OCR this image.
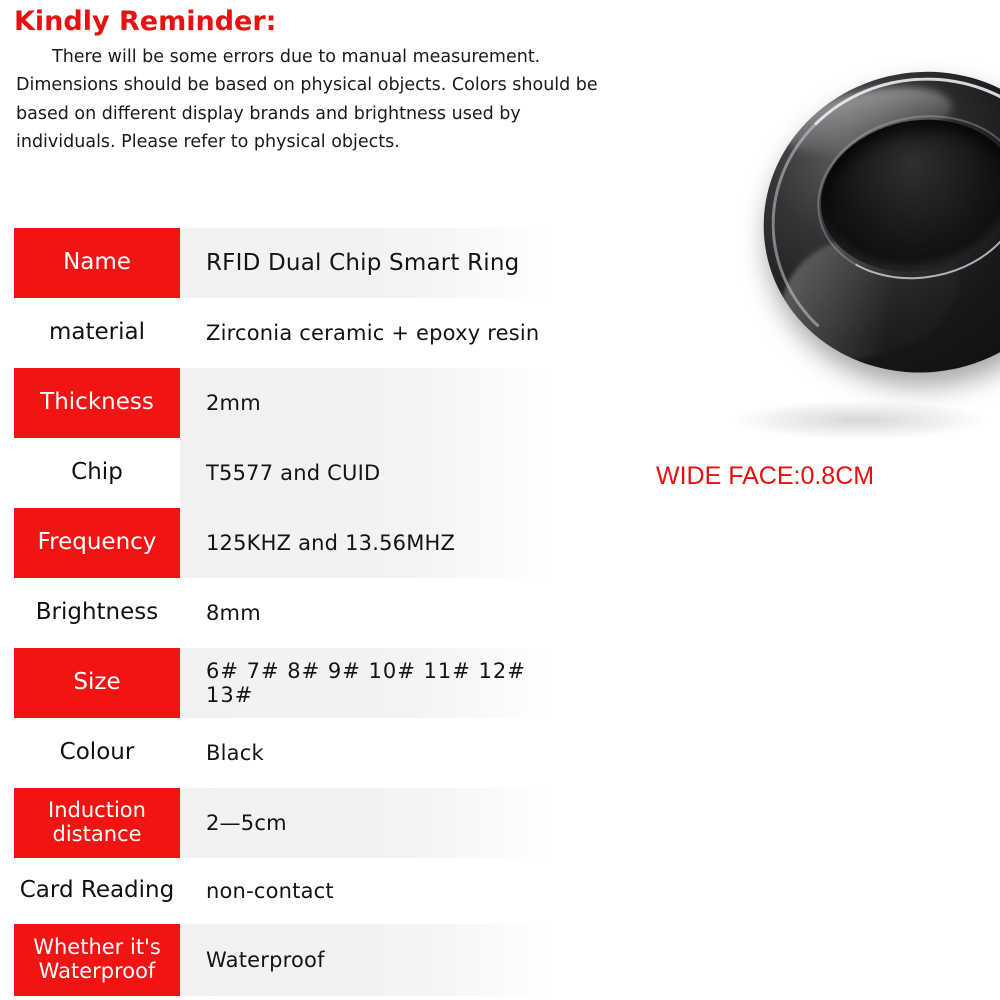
Kindly Reminder:

There will be some errors due to manual measurement. Dimensions should be based on physical objects. Colors should be based on different display brands and brightness used by individuals. Please refer to physical objects.

WIDE FACE:0.8CM
Name	RFID Dual Chip Smart Ring
material	Zirconia ceramic + epoxy resin
Thickness	2mm
Chip	T5577 and CUID
Frequency	125KHZ and 13.56MHZ
Brightness	8mm
Size	6# 7# 8# 9# 10# 11# 12# 13#
Colour	Black
Induction distance	2—5cm
Card Reading	non-contact
Whether it's Waterproof	Waterproof
